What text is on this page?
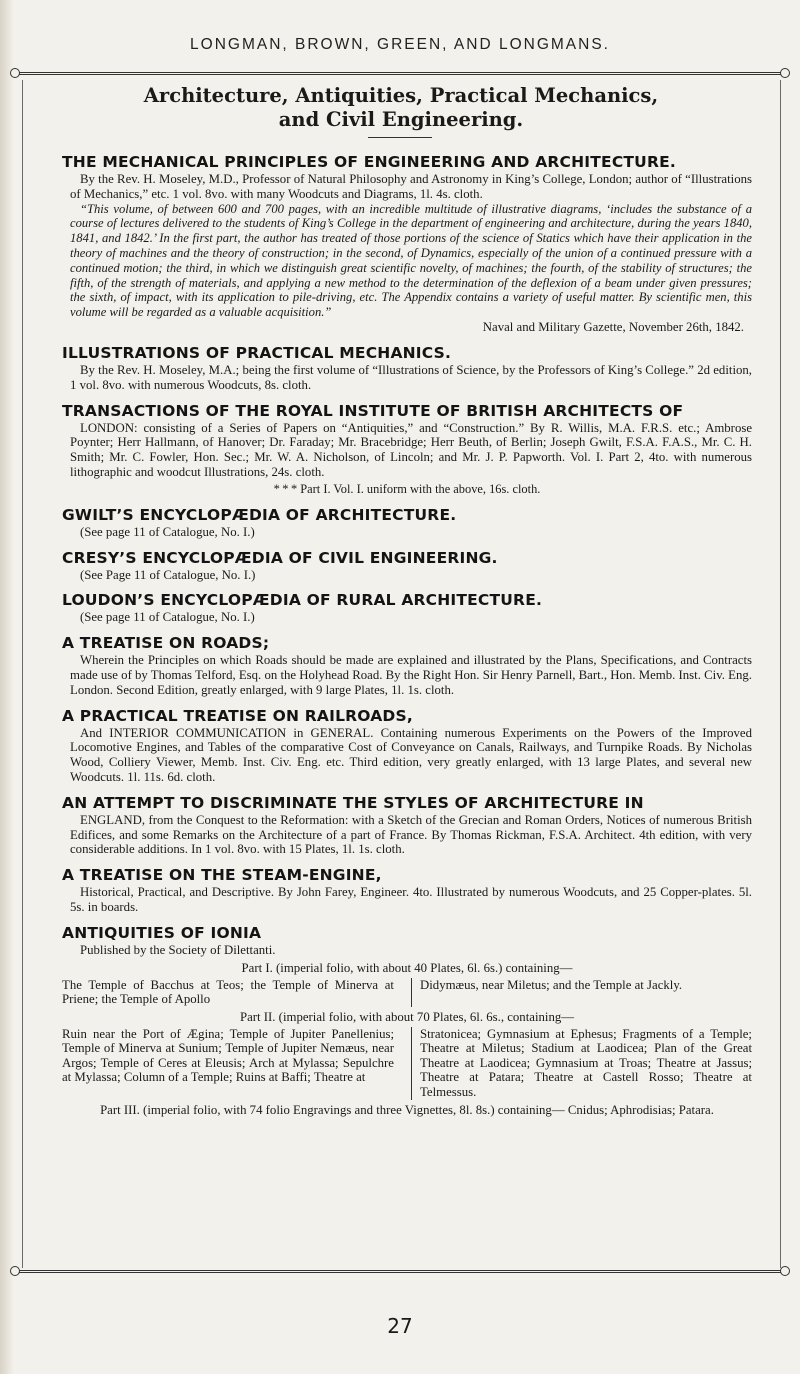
LONGMAN, BROWN, GREEN, AND LONGMANS.
Architecture, Antiquities, Practical Mechanics,
and Civil Engineering.
THE MECHANICAL PRINCIPLES OF ENGINEERING AND ARCHITECTURE.
By the Rev. H. Moseley, M.D., Professor of Natural Philosophy and Astronomy in King’s College, London; author of “Illustrations of Mechanics,” etc. 1 vol. 8vo. with many Woodcuts and Diagrams, 1l. 4s. cloth.
“This volume, of between 600 and 700 pages, with an incredible multitude of illustrative diagrams, ‘includes the substance of a course of lectures delivered to the students of King’s College in the department of engineering and architecture, during the years 1840, 1841, and 1842.’ In the first part, the author has treated of those portions of the science of Statics which have their application in the theory of machines and the theory of construction; in the second, of Dynamics, especially of the union of a continued pressure with a continued motion; the third, in which we distinguish great scientific novelty, of machines; the fourth, of the stability of structures; the fifth, of the strength of materials, and applying a new method to the determination of the deflexion of a beam under given pressures; the sixth, of impact, with its application to pile-driving, etc. The Appendix contains a variety of useful matter. By scientific men, this volume will be regarded as a valuable acquisition.”
Naval and Military Gazette, November 26th, 1842.
ILLUSTRATIONS OF PRACTICAL MECHANICS.
By the Rev. H. Moseley, M.A.; being the first volume of “Illustrations of Science, by the Professors of King’s College.” 2d edition, 1 vol. 8vo. with numerous Woodcuts, 8s. cloth.
TRANSACTIONS OF THE ROYAL INSTITUTE OF BRITISH ARCHITECTS OF
LONDON: consisting of a Series of Papers on “Antiquities,” and “Construction.” By R. Willis, M.A. F.R.S. etc.; Ambrose Poynter; Herr Hallmann, of Hanover; Dr. Faraday; Mr. Bracebridge; Herr Beuth, of Berlin; Joseph Gwilt, F.S.A. F.A.S., Mr. C. H. Smith; Mr. C. Fowler, Hon. Sec.; Mr. W. A. Nicholson, of Lincoln; and Mr. J. P. Papworth. Vol. I. Part 2, 4to. with numerous lithographic and woodcut Illustrations, 24s. cloth.
* * * Part I. Vol. I. uniform with the above, 16s. cloth.
GWILT’S ENCYCLOPÆDIA OF ARCHITECTURE.
(See page 11 of Catalogue, No. I.)
CRESY’S ENCYCLOPÆDIA OF CIVIL ENGINEERING.
(See Page 11 of Catalogue, No. I.)
LOUDON’S ENCYCLOPÆDIA OF RURAL ARCHITECTURE.
(See page 11 of Catalogue, No. I.)
A TREATISE ON ROADS;
Wherein the Principles on which Roads should be made are explained and illustrated by the Plans, Specifications, and Contracts made use of by Thomas Telford, Esq. on the Holyhead Road. By the Right Hon. Sir Henry Parnell, Bart., Hon. Memb. Inst. Civ. Eng. London. Second Edition, greatly enlarged, with 9 large Plates, 1l. 1s. cloth.
A PRACTICAL TREATISE ON RAILROADS,
And INTERIOR COMMUNICATION in GENERAL. Containing numerous Experiments on the Powers of the Improved Locomotive Engines, and Tables of the comparative Cost of Conveyance on Canals, Railways, and Turnpike Roads. By Nicholas Wood, Colliery Viewer, Memb. Inst. Civ. Eng. etc. Third edition, very greatly enlarged, with 13 large Plates, and several new Woodcuts. 1l. 11s. 6d. cloth.
AN ATTEMPT TO DISCRIMINATE THE STYLES OF ARCHITECTURE IN
ENGLAND, from the Conquest to the Reformation: with a Sketch of the Grecian and Roman Orders, Notices of numerous British Edifices, and some Remarks on the Architecture of a part of France. By Thomas Rickman, F.S.A. Architect. 4th edition, with very considerable additions. In 1 vol. 8vo. with 15 Plates, 1l. 1s. cloth.
A TREATISE ON THE STEAM-ENGINE,
Historical, Practical, and Descriptive. By John Farey, Engineer. 4to. Illustrated by numerous Woodcuts, and 25 Copper-plates. 5l. 5s. in boards.
ANTIQUITIES OF IONIA
Published by the Society of Dilettanti.
Part I. (imperial folio, with about 40 Plates, 6l. 6s.) containing—
The Temple of Bacchus at Teos; the Temple of Minerva at Priene; the Temple of Apollo
Didymæus, near Miletus; and the Temple at Jackly.
Part II. (imperial folio, with about 70 Plates, 6l. 6s., containing—
Ruin near the Port of Ægina; Temple of Jupiter Panellenius; Temple of Minerva at Sunium; Temple of Jupiter Nemæus, near Argos; Temple of Ceres at Eleusis; Arch at Mylassa; Sepulchre at Mylassa; Column of a Temple; Ruins at Baffi; Theatre at
Stratonicea; Gymnasium at Ephesus; Fragments of a Temple; Theatre at Miletus; Stadium at Laodicea; Plan of the Great Theatre at Laodicea; Gymnasium at Troas; Theatre at Jassus; Theatre at Patara; Theatre at Castell Rosso; Theatre at Telmessus.
Part III. (imperial folio, with 74 folio Engravings and three Vignettes, 8l. 8s.) containing— Cnidus; Aphrodisias; Patara.
27
